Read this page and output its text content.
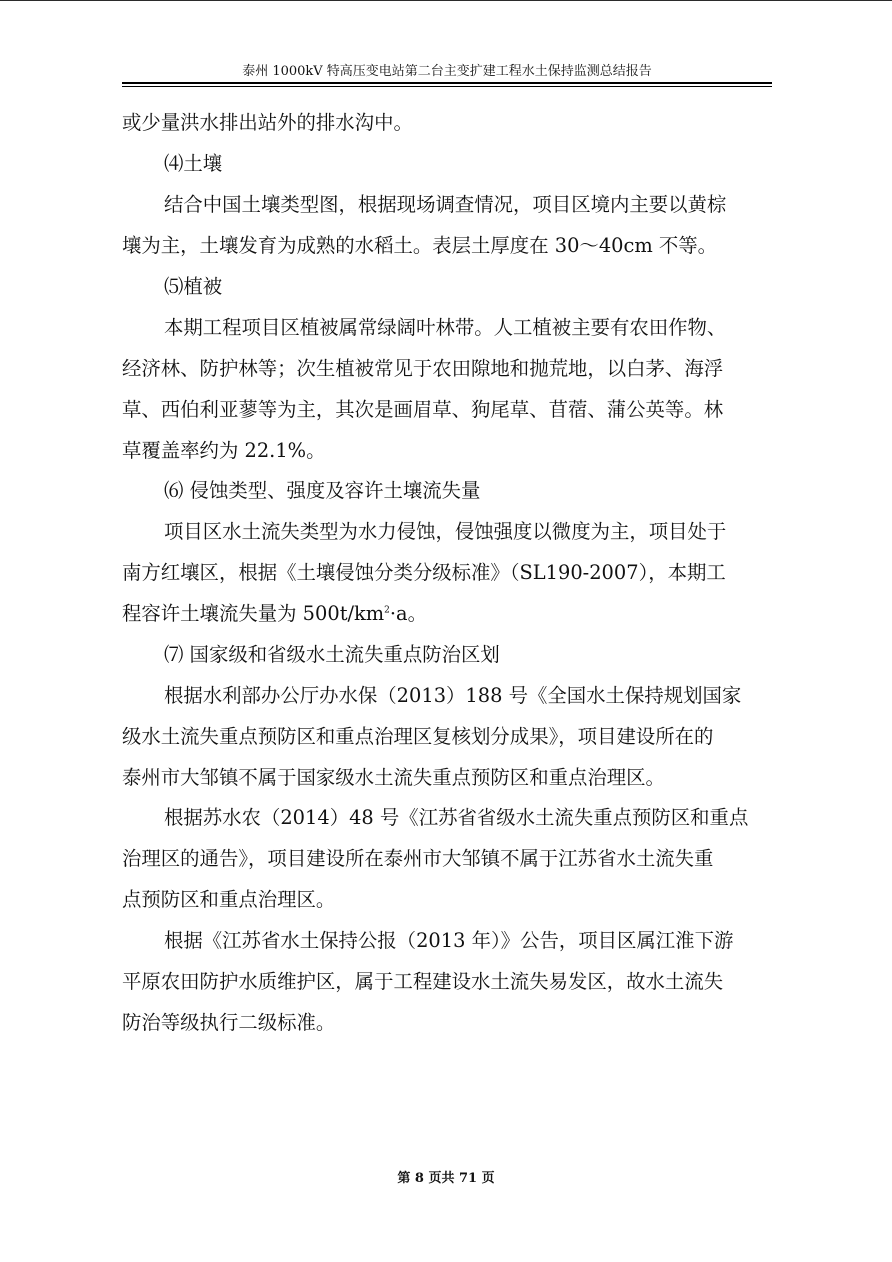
泰州 1000kV 特高压变电站第二台主变扩建工程水土保持监测总结报告
或少量洪水排出站外的排水沟中。
⑷土壤
结合中国土壤类型图，根据现场调查情况，项目区境内主要以黄棕
壤为主，土壤发育为成熟的水稻土。表层土厚度在 30～40cm 不等。
⑸植被
本期工程项目区植被属常绿阔叶林带。人工植被主要有农田作物、
经济林、防护林等；次生植被常见于农田隙地和抛荒地，以白茅、海浮
草、西伯利亚蓼等为主，其次是画眉草、狗尾草、苜蓿、蒲公英等。林
草覆盖率约为 22.1%。
⑹ 侵蚀类型、强度及容许土壤流失量
项目区水土流失类型为水力侵蚀，侵蚀强度以微度为主，项目处于
南方红壤区，根据《土壤侵蚀分类分级标准》（SL190-2007），本期工
程容许土壤流失量为 $500t/km^2\cdot a$。
⑺ 国家级和省级水土流失重点防治区划
根据水利部办公厅办水保（2013）188 号《全国水土保持规划国家
级水土流失重点预防区和重点治理区复核划分成果》，项目建设所在的
泰州市大邹镇不属于国家级水土流失重点预防区和重点治理区。
根据苏水农（2014）48 号《江苏省省级水土流失重点预防区和重点
治理区的通告》，项目建设所在泰州市大邹镇不属于江苏省水土流失重
点预防区和重点治理区。
根据《江苏省水土保持公报（2013 年）》公告，项目区属江淮下游
平原农田防护水质维护区，属于工程建设水土流失易发区，故水土流失
防治等级执行二级标准。
第 8 页共 71 页
